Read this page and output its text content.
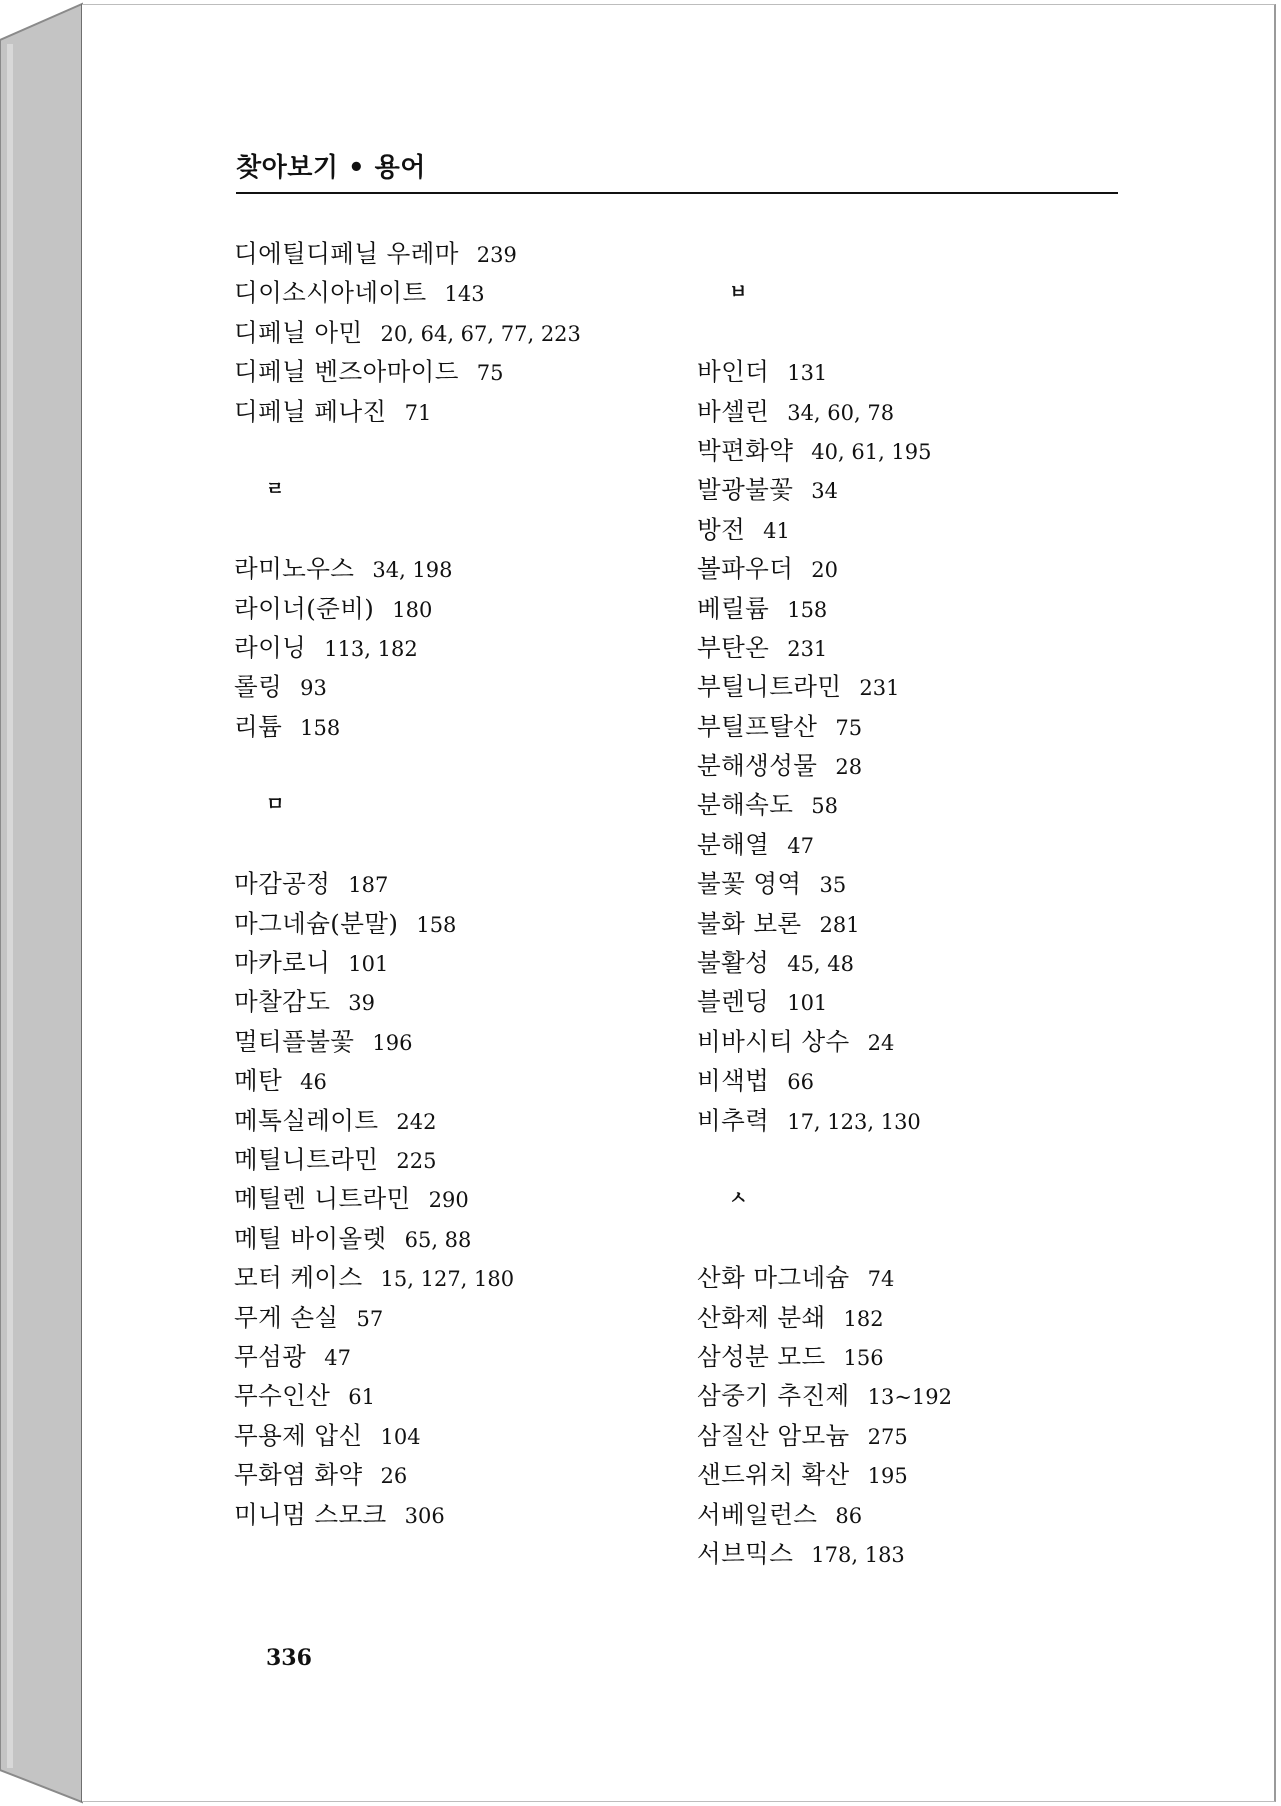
찾아보기 • 용어
디에틸디페닐 우레마 239
디이소시아네이트 143
디페닐 아민 20, 64, 67, 77, 223
디페닐 벤즈아마이드 75
디페닐 페나진 71
ㄹ
라미노우스 34, 198
라이너(준비) 180
라이닝 113, 182
롤링 93
리튬 158
ㅁ
마감공정 187
마그네슘(분말) 158
마카로니 101
마찰감도 39
멀티플불꽃 196
메탄 46
메톡실레이트 242
메틸니트라민 225
메틸렌 니트라민 290
메틸 바이올렛 65, 88
모터 케이스 15, 127, 180
무게 손실 57
무섬광 47
무수인산 61
무용제 압신 104
무화염 화약 26
미니멈 스모크 306
ㅂ
바인더 131
바셀린 34, 60, 78
박편화약 40, 61, 195
발광불꽃 34
방전 41
볼파우더 20
베릴륨 158
부탄온 231
부틸니트라민 231
부틸프탈산 75
분해생성물 28
분해속도 58
분해열 47
불꽃 영역 35
불화 보론 281
불활성 45, 48
블렌딩 101
비바시티 상수 24
비색법 66
비추력 17, 123, 130
ㅅ
산화 마그네슘 74
산화제 분쇄 182
삼성분 모드 156
삼중기 추진제 13~192
삼질산 암모늄 275
샌드위치 확산 195
서베일런스 86
서브믹스 178, 183
336
